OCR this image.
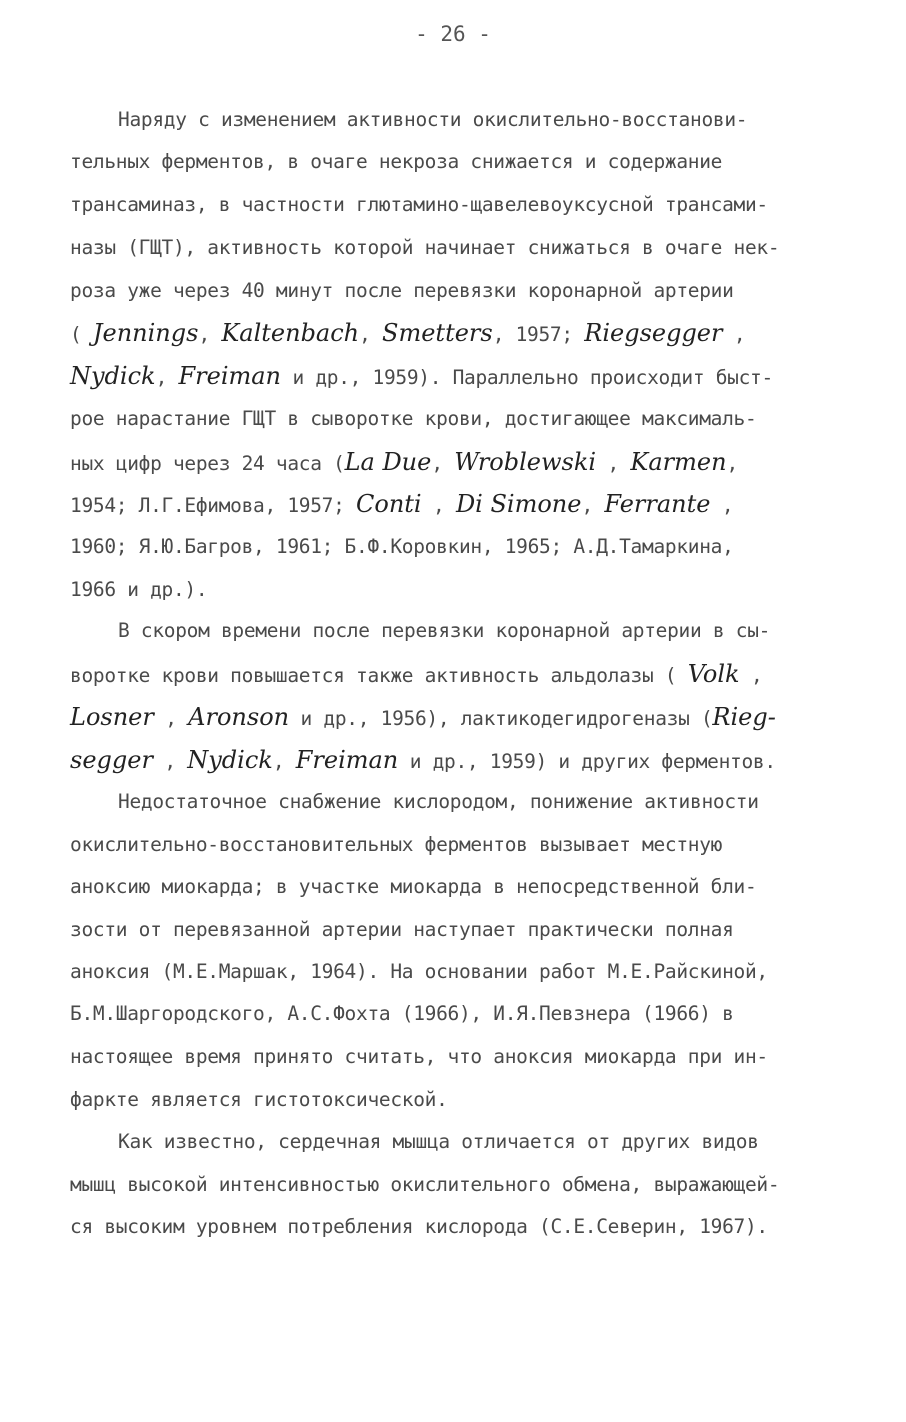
- 26 -
Наряду с изменением активности окислительно-восстанови-
тельных ферментов, в очаге некроза снижается и содержание
трансаминаз, в частности глютамино-щавелевоуксусной трансами-
назы (ГЩТ), активность которой начинает снижаться в очаге нек-
роза уже через 40 минут после перевязки коронарной артерии
( Jennings, Kaltenbach, Smetters, 1957; Riegsegger ,
Nydick, Freiman и др., 1959). Параллельно происходит быст-
рое нарастание ГЩТ в сыворотке крови, достигающее максималь-
ных цифр через 24 часа (La Due, Wroblewski , Karmen,
1954; Л.Г.Ефимова, 1957; Conti , Di Simone, Ferrante ,
1960; Я.Ю.Багров, 1961; Б.Ф.Коровкин, 1965; А.Д.Тамаркина,
1966 и др.).
В скором времени после перевязки коронарной артерии в сы-
воротке крови повышается также активность альдолазы ( Volk ,
Losner , Aronson и др., 1956), лактикодегидрогеназы (Rieg-
segger , Nydick, Freiman и др., 1959) и других ферментов.
Недостаточное снабжение кислородом, понижение активности
окислительно-восстановительных ферментов вызывает местную
аноксию миокарда; в участке миокарда в непосредственной бли-
зости от перевязанной артерии наступает практически полная
аноксия (М.Е.Маршак, 1964). На основании работ М.Е.Райскиной,
Б.М.Шаргородского, А.С.Фохта (1966), И.Я.Певзнера (1966) в
настоящее время принято считать, что аноксия миокарда при ин-
фаркте является гистотоксической.
Как известно, сердечная мышца отличается от других видов
мышц высокой интенсивностью окислительного обмена, выражающей-
ся высоким уровнем потребления кислорода (С.Е.Северин, 1967).
